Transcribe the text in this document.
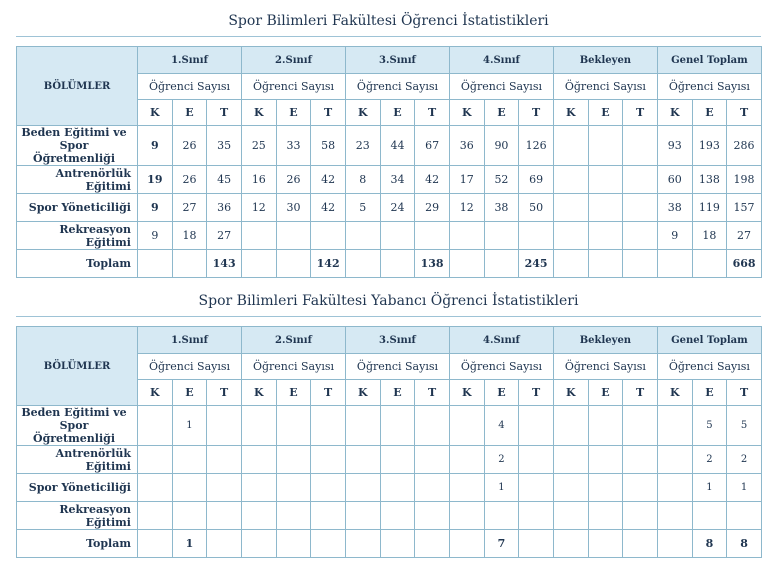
Spor Bilimleri Fakültesi Öğrenci İstatistikleri
BÖLÜMLER	1.Sınıf			2.Sınıf			3.Sınıf			4.Sınıf			Bekleyen			Genel Toplam		
	Öğrenci Sayısı			Öğrenci Sayısı			Öğrenci Sayısı			Öğrenci Sayısı			Öğrenci Sayısı			Öğrenci Sayısı		
	K	E	T	K	E	T	K	E	T	K	E	T	K	E	T	K	E	T
Beden Eğitimi ve Spor Öğretmenliği	9	26	35	25	33	58	23	44	67	36	90	126				93	193	286
Antrenörlük Eğitimi	19	26	45	16	26	42	8	34	42	17	52	69				60	138	198
Spor Yöneticiliği	9	27	36	12	30	42	5	24	29	12	38	50				38	119	157
Rekreasyon Eğitimi	9	18	27													9	18	27
Toplam			143			142			138			245						668
Spor Bilimleri Fakültesi Yabancı Öğrenci İstatistikleri
BÖLÜMLER	1.Sınıf			2.Sınıf			3.Sınıf			4.Sınıf			Bekleyen			Genel Toplam		
	Öğrenci Sayısı			Öğrenci Sayısı			Öğrenci Sayısı			Öğrenci Sayısı			Öğrenci Sayısı			Öğrenci Sayısı		
	K	E	T	K	E	T	K	E	T	K	E	T	K	E	T	K	E	T
Beden Eğitimi ve Spor Öğretmenliği		1									4						5	5
Antrenörlük Eğitimi											2						2	2
Spor Yöneticiliği											1						1	1
Rekreasyon Eğitimi																		
Toplam		1									7						8	8
